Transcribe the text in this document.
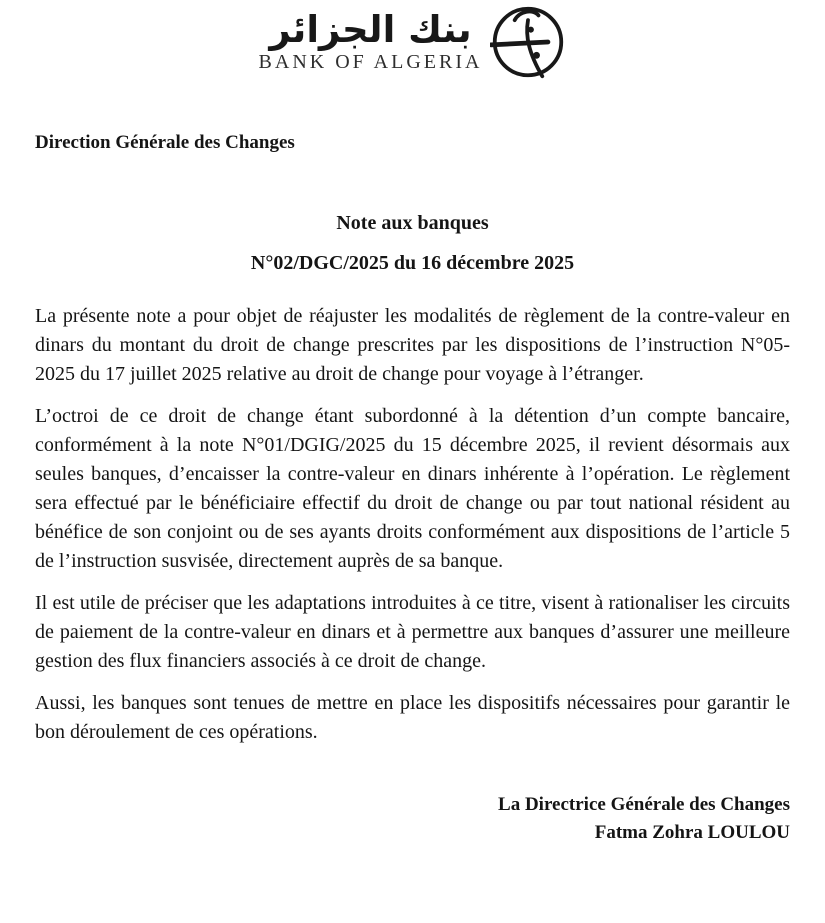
بنك الجزائر
BANK OF ALGERIA
Direction Générale des Changes
Note aux banques
N°02/DGC/2025 du 16 décembre 2025

La présente note a pour objet de réajuster les modalités de règlement de la contre-valeur en dinars du montant du droit de change prescrites par les dispositions de l’instruction N°05-2025 du 17 juillet 2025 relative au droit de change pour voyage à l’étranger.

L’octroi de ce droit de change étant subordonné à la détention d’un compte bancaire, conformément à la note N°01/DGIG/2025 du 15 décembre 2025, il revient désormais aux seules banques, d’encaisser la contre-valeur en dinars inhérente à l’opération. Le règlement sera effectué par le bénéficiaire effectif du droit de change ou par tout national résident au bénéfice de son conjoint ou de ses ayants droits conformément aux dispositions de l’article 5 de l’instruction susvisée, directement auprès de sa banque.

Il est utile de préciser que les adaptations introduites à ce titre, visent à rationaliser les circuits de paiement de la contre-valeur en dinars et à permettre aux banques d’assurer une meilleure gestion des flux financiers associés à ce droit de change.

Aussi, les banques sont tenues de mettre en place les dispositifs nécessaires pour garantir le bon déroulement de ces opérations.

La Directrice Générale des Changes
Fatma Zohra LOULOU
